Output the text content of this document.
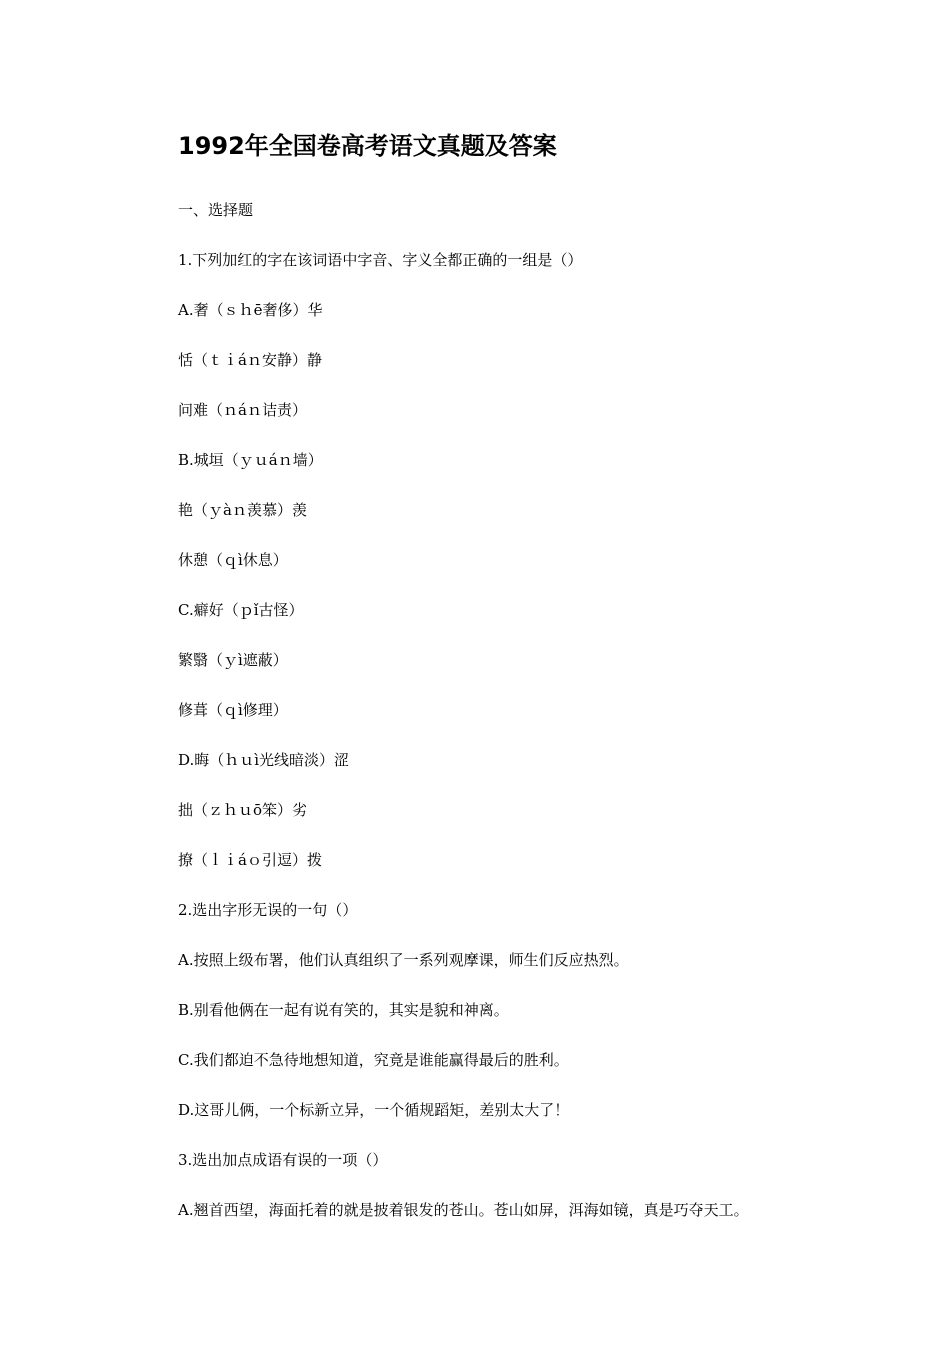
1992年全国卷高考语文真题及答案
一、选择题
1.下列加红的字在该词语中字音、字义全都正确的一组是（）
A.奢（ｓｈē奢侈）华
恬（ｔｉáｎ安静）静
问难（ｎáｎ诘责）
B.城垣（ｙｕáｎ墙）
艳（ｙàｎ羡慕）羡
休憩（ｑì休息）
C.癖好（ｐǐ古怪）
繁翳（ｙì遮蔽）
修葺（ｑì修理）
D.晦（ｈｕì光线暗淡）涩
拙（ｚｈｕō笨）劣
撩（ｌｉáｏ引逗）拨
2.选出字形无误的一句（）
A.按照上级布署，他们认真组织了一系列观摩课，师生们反应热烈。
B.别看他俩在一起有说有笑的，其实是貌和神离。
C.我们都迫不急待地想知道，究竟是谁能赢得最后的胜利。
D.这哥儿俩，一个标新立异，一个循规蹈矩，差别太大了！
3.选出加点成语有误的一项（）
A.翘首西望，海面托着的就是披着银发的苍山。苍山如屏，洱海如镜，真是巧夺天工。
